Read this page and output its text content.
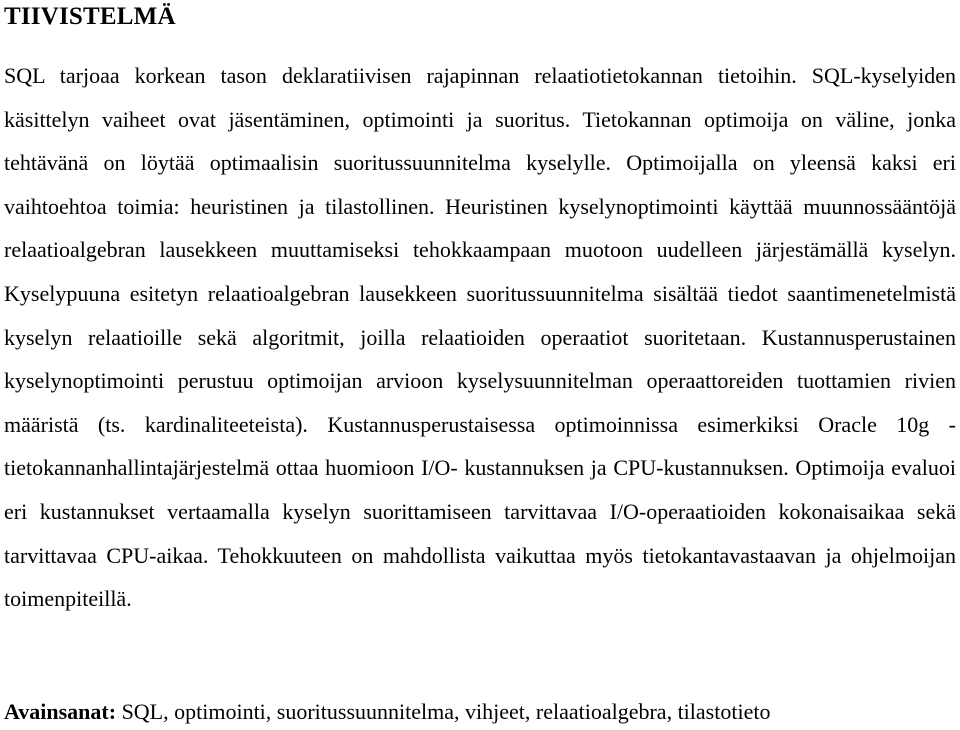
TIIVISTELMÄ

SQL tarjoaa korkean tason deklaratiivisen rajapinnan relaatiotietokannan tietoihin. SQL-kyselyiden käsittelyn vaiheet ovat jäsentäminen, optimointi ja suoritus. Tietokannan optimoija on väline, jonka tehtävänä on löytää optimaalisin suoritussuunnitelma kyselylle. Optimoijalla on yleensä kaksi eri vaihtoehtoa toimia: heuristinen ja tilastollinen. Heuristinen kyselynoptimointi käyttää muunnossääntöjä relaatioalgebran lausekkeen muuttamiseksi tehokkaampaan muotoon uudelleen järjestämällä kyselyn. Kyselypuuna esitetyn relaatioalgebran lausekkeen suoritussuunnitelma sisältää tiedot saantimenetelmistä kyselyn relaatioille sekä algoritmit, joilla relaatioiden operaatiot suoritetaan. Kustannusperustainen kyselynoptimointi perustuu optimoijan arvioon kyselysuunnitelman operaattoreiden tuottamien rivien määristä (ts. kardinaliteeteista). Kustannusperustaisessa optimoinnissa esimerkiksi Oracle 10g -tietokannanhallintajärjestelmä ottaa huomioon I/O- kustannuksen ja CPU-kustannuksen. Optimoija evaluoi eri kustannukset vertaamalla kyselyn suorittamiseen tarvittavaa I/O-operaatioiden kokonaisaikaa sekä tarvittavaa CPU-aikaa. Tehokkuuteen on mahdollista vaikuttaa myös tietokantavastaavan ja ohjelmoijan toimenpiteillä.

Avainsanat: SQL, optimointi, suoritussuunnitelma, vihjeet, relaatioalgebra, tilastotieto
